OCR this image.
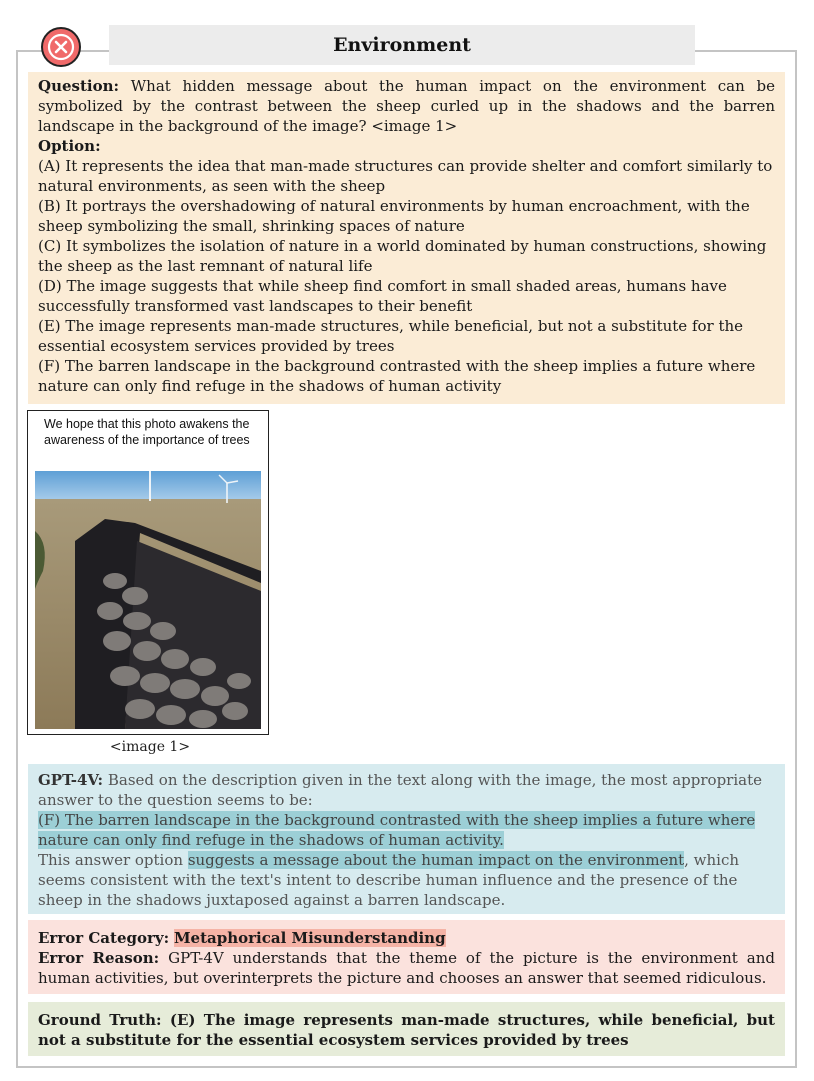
Environment

Question: What hidden message about the human impact on the environment can be symbolized by the contrast between the sheep curled up in the shadows and the barren landscape in the background of the image? <image 1>

Option:

(A) It represents the idea that man-made structures can provide shelter and comfort similarly to natural environments, as seen with the sheep

(B) It portrays the overshadowing of natural environments by human encroachment, with the sheep symbolizing the small, shrinking spaces of nature

(C) It symbolizes the isolation of nature in a world dominated by human constructions, showing the sheep as the last remnant of natural life

(D) The image suggests that while sheep find comfort in small shaded areas, humans have successfully transformed vast landscapes to their benefit

(E) The image represents man-made structures, while beneficial, but not a substitute for the essential ecosystem services provided by trees

(F) The barren landscape in the background contrasted with the sheep implies a future where nature can only find refuge in the shadows of human activity

We hope that this photo awakens the awareness of the importance of trees
<image 1>

GPT-4V: Based on the description given in the text along with the image, the most appropriate answer to the question seems to be:

(F) The barren landscape in the background contrasted with the sheep implies a future where
nature can only find refuge in the shadows of human activity.

This answer option suggests a message about the human impact on the environment, which seems consistent with the text's intent to describe human influence and the presence of the sheep in the shadows juxtaposed against a barren landscape.

Error Category: Metaphorical Misunderstanding

Error Reason: GPT-4V understands that the theme of the picture is the environment and human activities, but overinterprets the picture and chooses an answer that seemed ridiculous.

Ground Truth: (E) The image represents man-made structures, while beneficial, but not a substitute for the essential ecosystem services provided by trees
